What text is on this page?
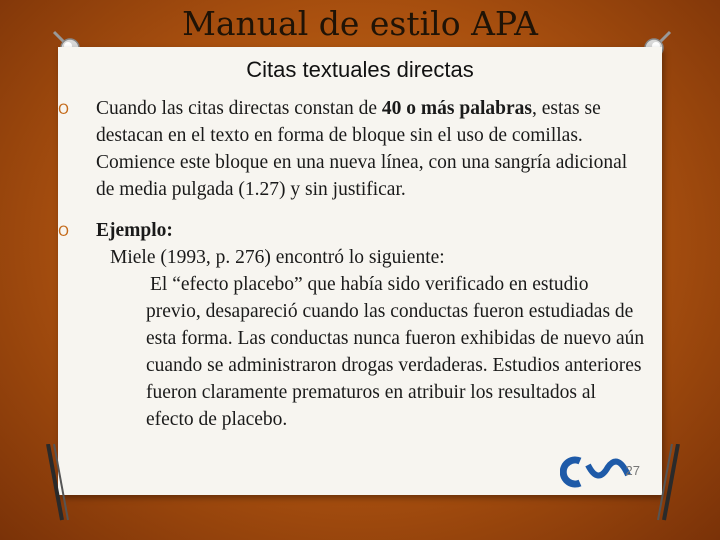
Manual de estilo APA
Citas textuales directas
O Cuando las citas directas constan de 40 o más palabras, estas se destacan en el texto en forma de bloque sin el uso de comillas. Comience este bloque en una nueva línea, con una sangría adicional de media pulgada (1.27) y sin justificar.
O Ejemplo:
Miele (1993, p. 276) encontró lo siguiente:
El “efecto placebo” que había sido verificado en estudio previo, desapareció cuando las conductas fueron estudiadas de esta forma. Las conductas nunca fueron exhibidas de nuevo aún cuando se administraron drogas verdaderas. Estudios anteriores fueron claramente prematuros en atribuir los resultados al efecto de placebo.
27
